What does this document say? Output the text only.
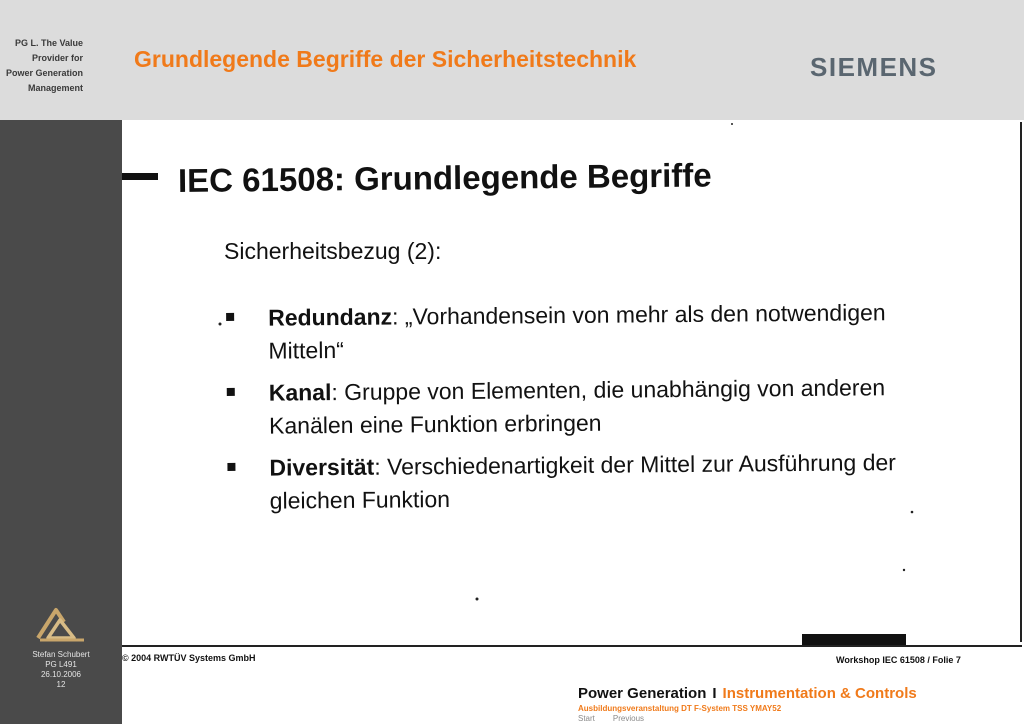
PG L. The Value
Provider for
Power Generation
Management
Grundlegende Begriffe der Sicherheitstechnik	SIEMENS
IEC 61508: Grundlegende Begriffe
Sicherheitsbezug (2):
Redundanz: „Vorhandensein von mehr als den notwendigen Mitteln“
Kanal: Gruppe von Elementen, die unabhängig von anderen Kanälen eine Funktion erbringen
Diversität: Verschiedenartigkeit der Mittel zur Ausführung der gleichen Funktion
© 2004 RWTÜV Systems GmbH	Workshop IEC 61508 / Folie 7
Stefan Schubert
PG L491
26.10.2006
12
Power Generation I Instrumentation & Controls
Ausbildungsveranstaltung DT F-System TSS YMAY52
Start Previous
